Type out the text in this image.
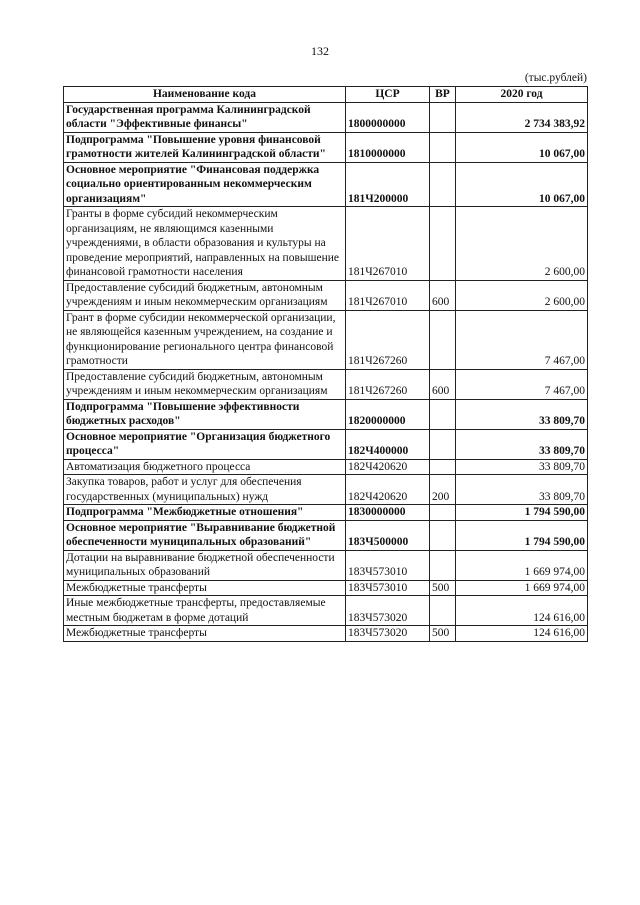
132
(тыс.рублей)
Наименование кода	ЦСР	ВР	2020 год
Государственная программа Калининградской области "Эффективные финансы"	1800000000		2 734 383,92
Подпрограмма "Повышение уровня финансовой грамотности жителей Калининградской области"	1810000000		10 067,00
Основное мероприятие "Финансовая поддержка социально ориентированным некоммерческим организациям"	181Ч200000		10 067,00
Гранты в форме субсидий некоммерческим организациям, не являющимся казенными учреждениями, в области образования и культуры на проведение мероприятий, направленных на повышение финансовой грамотности населения	181Ч267010		2 600,00
Предоставление субсидий бюджетным, автономным учреждениям и иным некоммерческим организациям	181Ч267010	600	2 600,00
Грант в форме субсидии некоммерческой организации, не являющейся казенным учреждением, на создание и функционирование регионального центра финансовой грамотности	181Ч267260		7 467,00
Предоставление субсидий бюджетным, автономным учреждениям и иным некоммерческим организациям	181Ч267260	600	7 467,00
Подпрограмма "Повышение эффективности бюджетных расходов"	1820000000		33 809,70
Основное мероприятие "Организация бюджетного процесса"	182Ч400000		33 809,70
Автоматизация бюджетного процесса	182Ч420620		33 809,70
Закупка товаров, работ и услуг для обеспечения государственных (муниципальных) нужд	182Ч420620	200	33 809,70
Подпрограмма "Межбюджетные отношения"	1830000000		1 794 590,00
Основное мероприятие "Выравнивание бюджетной обеспеченности муниципальных образований"	183Ч500000		1 794 590,00
Дотации на выравнивание бюджетной обеспеченности муниципальных образований	183Ч573010		1 669 974,00
Межбюджетные трансферты	183Ч573010	500	1 669 974,00
Иные межбюджетные трансферты, предоставляемые местным бюджетам в форме дотаций	183Ч573020		124 616,00
Межбюджетные трансферты	183Ч573020	500	124 616,00
